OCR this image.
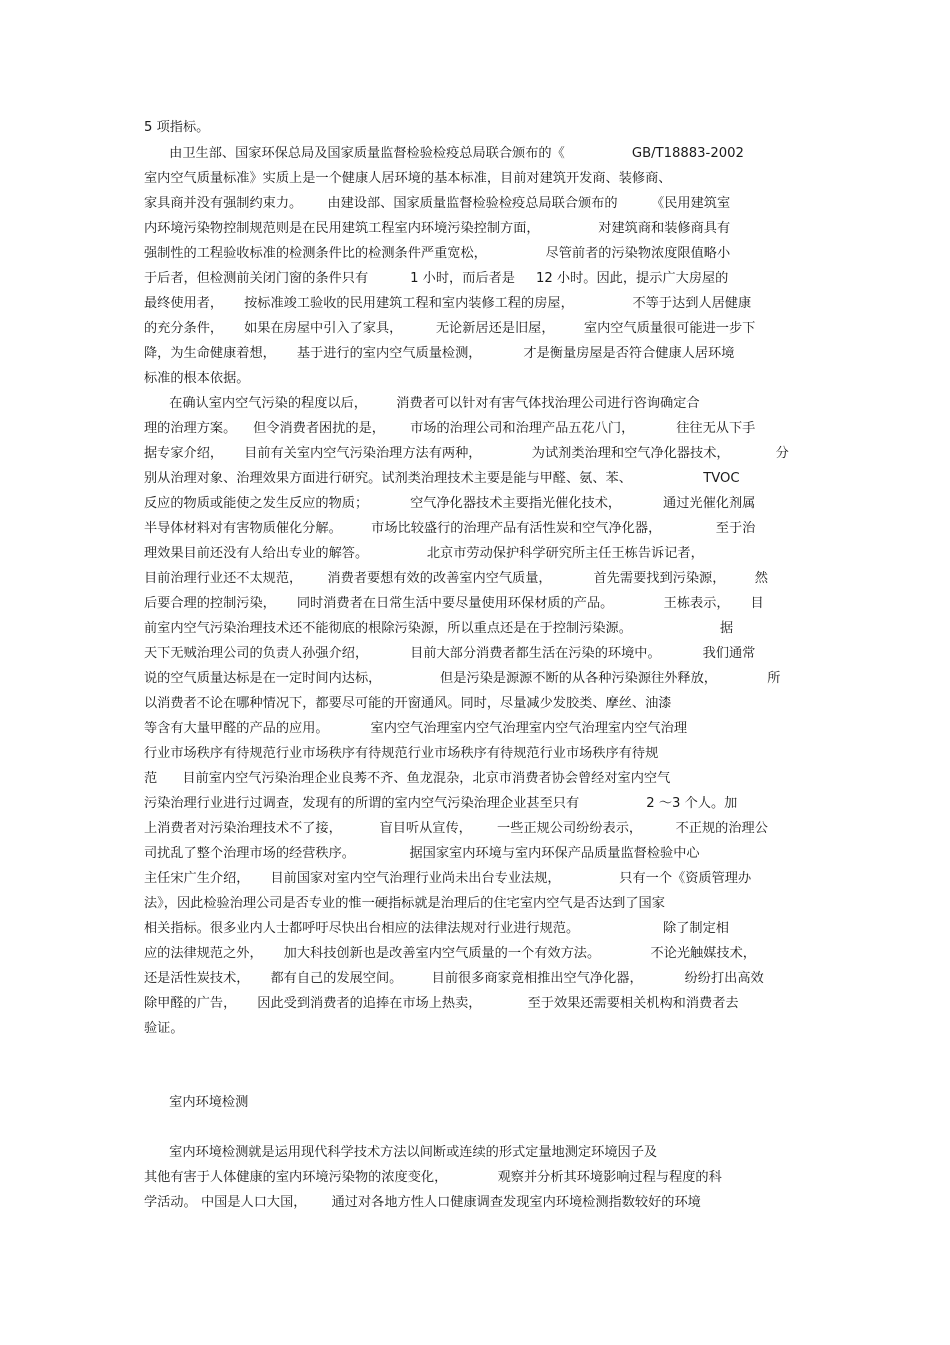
5 项指标。
由卫生部、国家环保总局及国家质量监督检验检疫总局联合颁布的《                GB/T18883-2002
室内空气质量标准》实质上是一个健康人居环境的基本标准，目前对建筑开发商、装修商、
家具商并没有强制约束力。      由建设部、国家质量监督检验检疫总局联合颁布的        《民用建筑室
内环境污染物控制规范则是在民用建筑工程室内环境污染控制方面，              对建筑商和装修商具有
强制性的工程验收标准的检测条件比的检测条件严重宽松，              尽管前者的污染物浓度限值略小
于后者，但检测前关闭门窗的条件只有          1 小时，而后者是     12 小时。因此，提示广大房屋的
最终使用者，     按标准竣工验收的民用建筑工程和室内装修工程的房屋，              不等于达到人居健康
的充分条件，     如果在房屋中引入了家具，        无论新居还是旧屋，       室内空气质量很可能进一步下
降，为生命健康着想，     基于进行的室内空气质量检测，          才是衡量房屋是否符合健康人居环境
标准的根本依据。
在确认室内空气污染的程度以后，       消费者可以针对有害气体找治理公司进行咨询确定合
理的治理方案。    但令消费者困扰的是，      市场的治理公司和治理产品五花八门，          往往无从下手
据专家介绍，     目前有关室内空气污染治理方法有两种，            为试剂类治理和空气净化器技术，           分
别从治理对象、治理效果方面进行研究。试剂类治理技术主要是能与甲醛、氨、苯、                 TVOC
反应的物质或能使之发生反应的物质；          空气净化器技术主要指光催化技术，          通过光催化剂属
半导体材料对有害物质催化分解。       市场比较盛行的治理产品有活性炭和空气净化器，             至于治
理效果目前还没有人给出专业的解答。              北京市劳动保护科学研究所主任王栋告诉记者，
目前治理行业还不太规范，      消费者要想有效的改善室内空气质量，          首先需要找到污染源，       然
后要合理的控制污染，     同时消费者在日常生活中要尽量使用环保材质的产品。            王栋表示，     目
前室内空气污染治理技术还不能彻底的根除污染源，所以重点还是在于控制污染源。                     据
天下无贼治理公司的负责人孙强介绍，          目前大部分消费者都生活在污染的环境中。          我们通常
说的空气质量达标是在一定时间内达标，              但是污染是源源不断的从各种污染源往外释放，            所
以消费者不论在哪种情况下，都要尽可能的开窗通风。同时，尽量减少发胶类、摩丝、油漆
等含有大量甲醛的产品的应用。          室内空气治理室内空气治理室内空气治理室内空气治理
行业市场秩序有待规范行业市场秩序有待规范行业市场秩序有待规范行业市场秩序有待规
范      目前室内空气污染治理企业良莠不齐、鱼龙混杂，北京市消费者协会曾经对室内空气
污染治理行业进行过调查，发现有的所谓的室内空气污染治理企业甚至只有                2 ～3 个人。加
上消费者对污染治理技术不了接，         盲目听从宣传，      一些正规公司纷纷表示，        不正规的治理公
司扰乱了整个治理市场的经营秩序。             据国家室内环境与室内环保产品质量监督检验中心
主任宋广生介绍，     目前国家对室内空气治理行业尚未出台专业法规，              只有一个《资质管理办
法》，因此检验治理公司是否专业的惟一硬指标就是治理后的住宅室内空气是否达到了国家
相关指标。很多业内人士都呼吁尽快出台相应的法律法规对行业进行规范。                    除了制定相
应的法律规范之外，     加大科技创新也是改善室内空气质量的一个有效方法。            不论光触媒技术，
还是活性炭技术，     都有自己的发展空间。       目前很多商家竟相推出空气净化器，          纷纷打出高效
除甲醛的广告，     因此受到消费者的追捧在市场上热卖，           至于效果还需要相关机构和消费者去
验证。
室内环境检测
室内环境检测就是运用现代科学技术方法以间断或连续的形式定量地测定环境因子及
其他有害于人体健康的室内环境污染物的浓度变化，            观察并分析其环境影响过程与程度的科
学活动。 中国是人口大国，      通过对各地方性人口健康调查发现室内环境检测指数较好的环境
